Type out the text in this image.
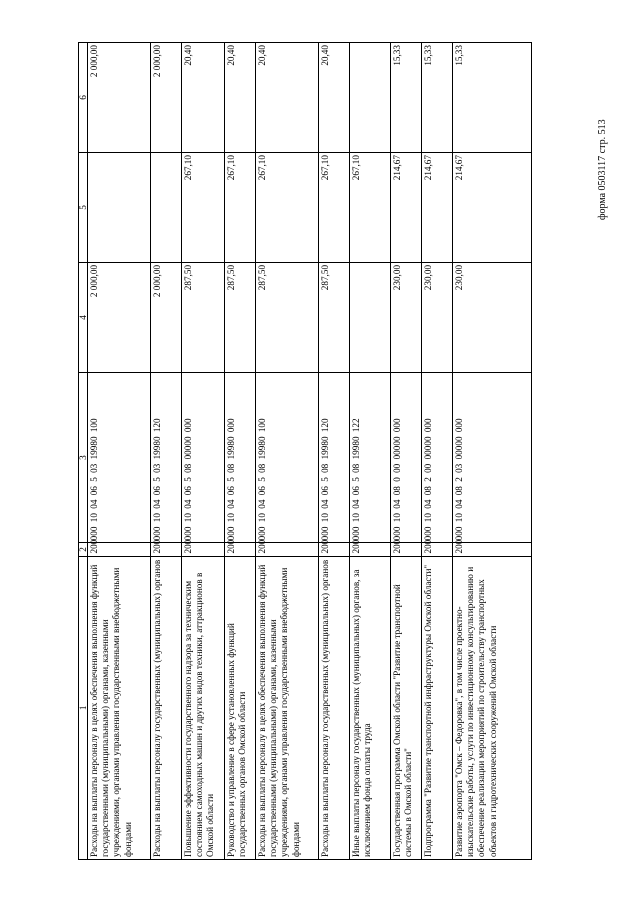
форма 0503117 стр. 513
1	2	3	4	5	6
Расходы на выплаты персоналу в целях обеспечения выполнения функций государственными (муниципальными) органами, казенными учреждениями, органами управления государственными внебюджетными фондами	200	000 10 04 06 5 03 19980 100	2 000,00		2 000,00
Расходы на выплаты персоналу государственных (муниципальных) органов	200	000 10 04 06 5 03 19980 120	2 000,00		2 000,00
Повышение эффективности государственного надзора за техническим состоянием самоходных машин и других видов техники, аттракционов в Омской области	200	000 10 04 06 5 08 00000 000	287,50	267,10	20,40
Руководство и управление в сфере установленных функций государственных органов Омской области	200	000 10 04 06 5 08 19980 000	287,50	267,10	20,40
Расходы на выплаты персоналу в целях обеспечения выполнения функций государственными (муниципальными) органами, казенными учреждениями, органами управления государственными внебюджетными фондами	200	000 10 04 06 5 08 19980 100	287,50	267,10	20,40
Расходы на выплаты персоналу государственных (муниципальных) органов	200	000 10 04 06 5 08 19980 120	287,50	267,10	20,40
Иные выплаты персоналу государственных (муниципальных) органов, за исключением фонда оплаты труда	200	000 10 04 06 5 08 19980 122		267,10	
Государственная программа Омской области "Развитие транспортной системы в Омской области"	200	000 10 04 08 0 00 00000 000	230,00	214,67	15,33
Подпрограмма "Развитие транспортной инфраструктуры Омской области"	200	000 10 04 08 2 00 00000 000	230,00	214,67	15,33
Развитие аэропорта "Омск – Федоровка", в том числе проектно-изыскательские работы, услуги по инвестиционному консультированию и обеспечение реализации мероприятий по строительству транспортных объектов и гидротехнических сооружений Омской области	200	000 10 04 08 2 03 00000 000	230,00	214,67	15,33
